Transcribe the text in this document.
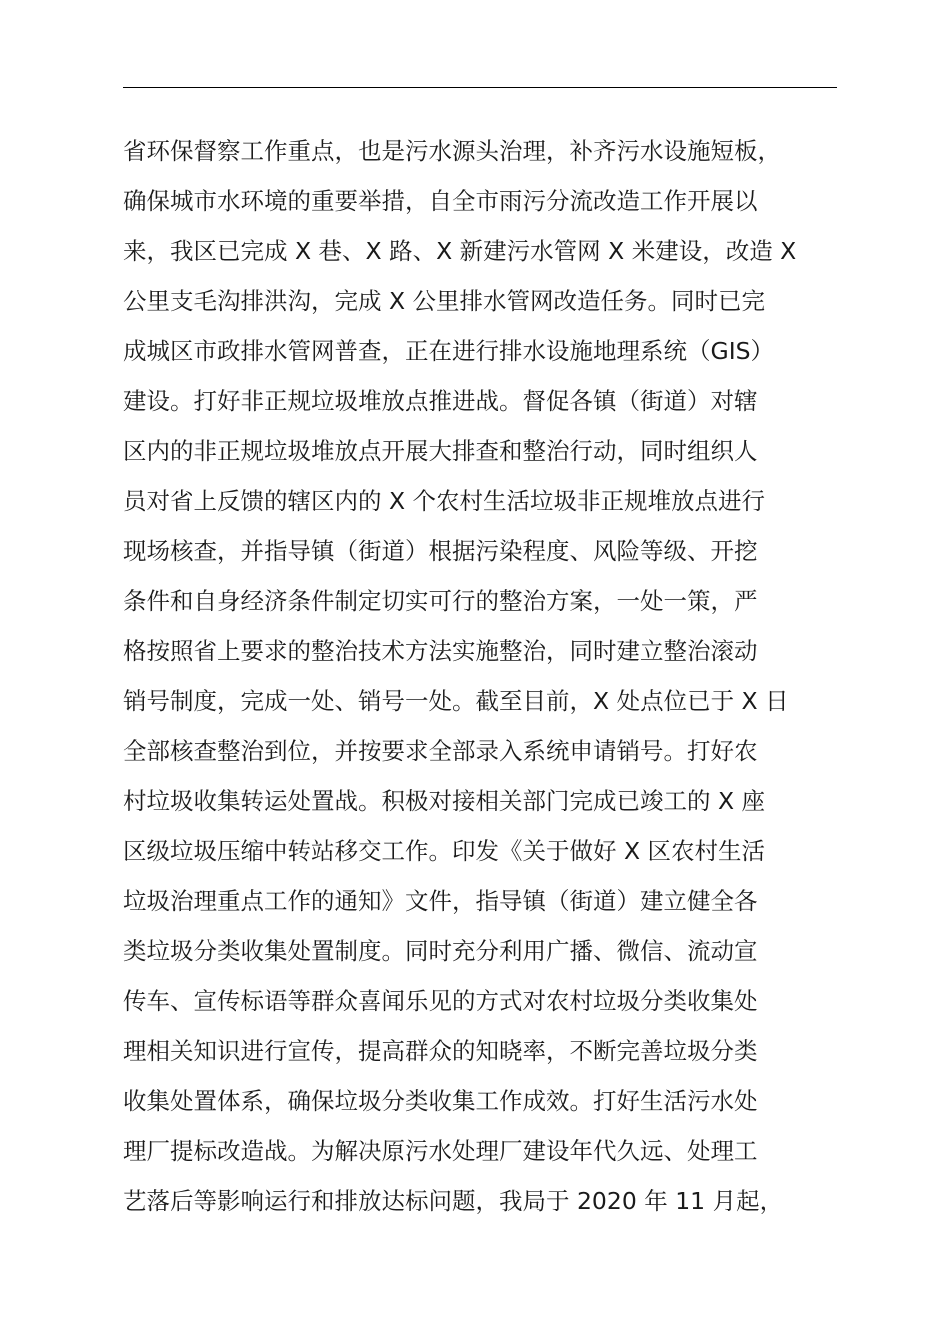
省环保督察工作重点，也是污水源头治理，补齐污水设施短板，
确保城市水环境的重要举措，自全市雨污分流改造工作开展以
来，我区已完成 X 巷、X 路、X 新建污水管网 X 米建设，改造 X
公里支毛沟排洪沟，完成 X 公里排水管网改造任务。同时已完
成城区市政排水管网普查，正在进行排水设施地理系统（GIS）
建设。打好非正规垃圾堆放点推进战。督促各镇（街道）对辖
区内的非正规垃圾堆放点开展大排查和整治行动，同时组织人
员对省上反馈的辖区内的 X 个农村生活垃圾非正规堆放点进行
现场核查，并指导镇（街道）根据污染程度、风险等级、开挖
条件和自身经济条件制定切实可行的整治方案，一处一策，严
格按照省上要求的整治技术方法实施整治，同时建立整治滚动
销号制度，完成一处、销号一处。截至目前，X 处点位已于 X 日
全部核查整治到位，并按要求全部录入系统申请销号。打好农
村垃圾收集转运处置战。积极对接相关部门完成已竣工的 X 座
区级垃圾压缩中转站移交工作。印发《关于做好 X 区农村生活
垃圾治理重点工作的通知》文件，指导镇（街道）建立健全各
类垃圾分类收集处置制度。同时充分利用广播、微信、流动宣
传车、宣传标语等群众喜闻乐见的方式对农村垃圾分类收集处
理相关知识进行宣传，提高群众的知晓率，不断完善垃圾分类
收集处置体系，确保垃圾分类收集工作成效。打好生活污水处
理厂提标改造战。为解决原污水处理厂建设年代久远、处理工
艺落后等影响运行和排放达标问题，我局于 2020 年 11 月起，
